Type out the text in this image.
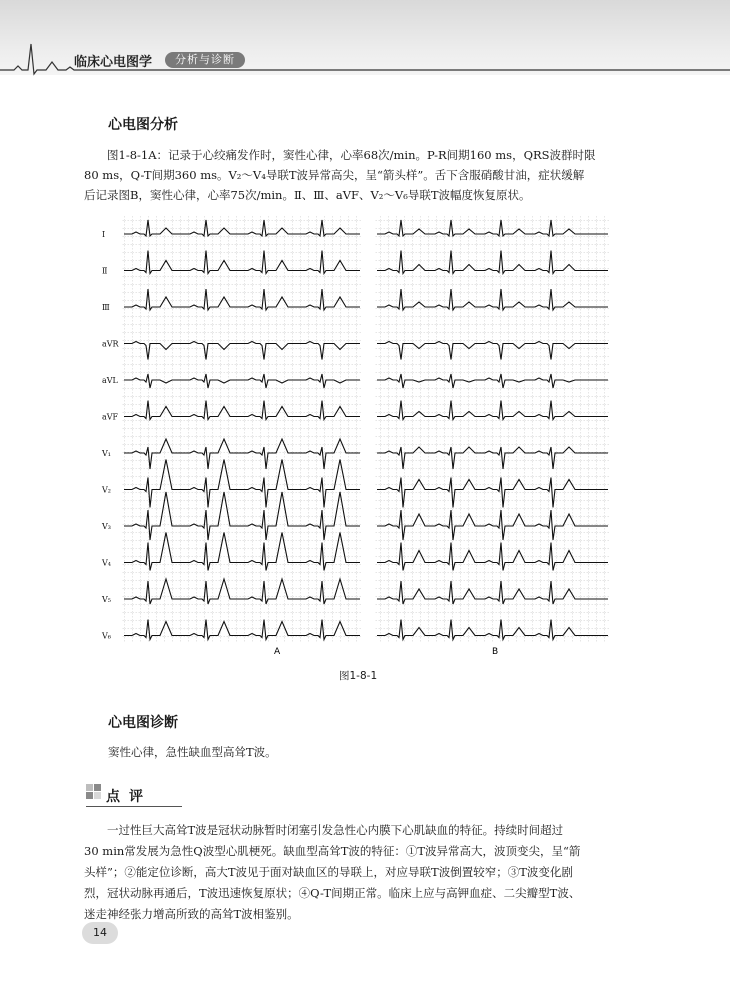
临床心电图学	分析与诊断
心电图分析
图1-8-1A：记录于心绞痛发作时，窦性心律，心率68次/min。P-R间期160 ms，QRS波群时限
80 ms，Q-T间期360 ms。V₂～V₄导联T波异常高尖，呈“箭头样”。舌下含服硝酸甘油，症状缓解
后记录图B，窦性心律，心率75次/min。Ⅱ、Ⅲ、aVF、V₂～V₆导联T波幅度恢复原状。
Ⅰ
Ⅱ
Ⅲ
aVR
aVL
aVF
V₁
V₂
V₃
V₄
V₅
V₆
A	B
图1-8-1
心电图诊断
窦性心律，急性缺血型高耸T波。
点评
一过性巨大高耸T波是冠状动脉暂时闭塞引发急性心内膜下心肌缺血的特征。持续时间超过
30 min常发展为急性Q波型心肌梗死。缺血型高耸T波的特征：①T波异常高大，波顶变尖，呈“箭
头样”；②能定位诊断，高大T波见于面对缺血区的导联上，对应导联T波倒置较窄；③T波变化剧
烈，冠状动脉再通后，T波迅速恢复原状；④Q-T间期正常。临床上应与高钾血症、二尖瓣型T波、
迷走神经张力增高所致的高耸T波相鉴别。
14
